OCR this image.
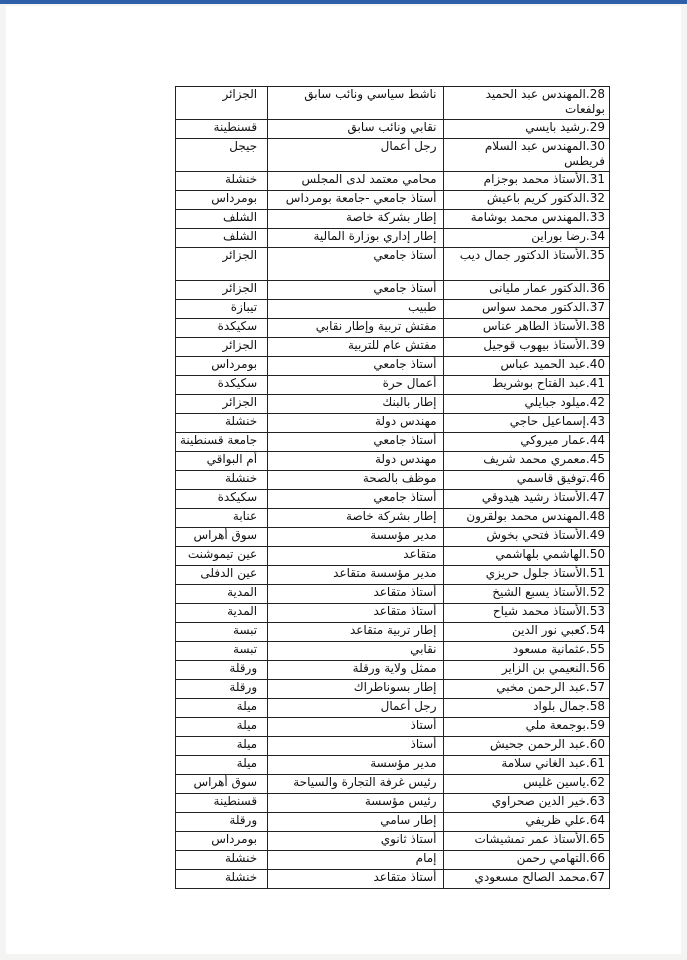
28.المهندس عبد الحميد بولفعات	ناشط سياسي ونائب سابق	الجزائر
29.رشيد بايسي	نقابي ونائب سابق	قسنطينة
30.المهندس عبد السلام فريطس	رجل أعمال	جيجل
31.الأستاذ محمد بوجزام	محامي معتمد لدى المجلس	خنشلة
32.الدكتور كريم باعيش	أستاذ جامعي -جامعة بومرداس	بومرداس
33.المهندس محمد بوشامة	إطار بشركة خاصة	الشلف
34.رضا بوراين	إطار إداري بوزارة المالية	الشلف
35.الأستاذ الدكتور جمال ديب	أستاذ جامعي	الجزائر
36.الدكتور عمار مليانى	أستاذ جامعي	الجزائر
37.الدكتور محمد سواس	طبيب	تيبازة
38.الأستاذ الطاهر عناس	مفتش تربية وإطار نقابي	سكيكدة
39.الأستاذ بيهوب قوجيل	مفتش عام للتربية	الجزائر
40.عبد الحميد عباس	أستاذ جامعي	بومرداس
41.عبد الفتاح بوشريط	أعمال حرة	سكيكدة
42.ميلود جبايلي	إطار بالبنك	الجزائر
43.إسماعيل حاجي	مهندس دولة	خنشلة
44.عمار ميروكي	أستاذ جامعي	جامعة قسنطينة
45.معمري محمد شريف	مهندس دولة	أم البواقي
46.توفيق قاسمي	موظف بالصحة	خنشلة
47.الأستاذ رشيد هيدوقي	أستاذ جامعي	سكيكدة
48.المهندس محمد بولقرون	إطار بشركة خاصة	عنابة
49.الأستاذ فتحي بخوش	مدير مؤسسة	سوق أهراس
50.الهاشمي بلهاشمي	متقاعد	عين تيموشنت
51.الأستاذ جلول حريزي	مدير مؤسسة متقاعد	عين الدفلى
52.الأستاذ يسبع الشيخ	أستاذ متقاعد	المدية
53.الأستاذ محمد شياح	أستاذ متقاعد	المدية
54.كعبي نور الدين	إطار تربية متقاعد	تبسة
55.عثمانية مسعود	نقابي	تبسة
56.النعيمي بن الزاير	ممثل ولاية ورقلة	ورقلة
57.عبد الرحمن مخبي	إطار بسوناطراك	ورقلة
58.جمال بلواد	رجل أعمال	ميلة
59.بوجمعة ملي	أستاذ	ميلة
60.عبد الرحمن جحيش	أستاذ	ميلة
61.عبد الغاني سلامة	مدير مؤسسة	ميلة
62.ياسين غليس	رئيس غرفة التجارة والسياحة	سوق أهراس
63.خير الدين صحراوي	رئيس مؤسسة	قسنطينة
64.علي ظريفي	إطار سامي	ورقلة
65.الأستاذ عمر تمشيشات	أستاذ ثانوي	بومرداس
66.التهامي رحمن	إمام	خنشلة
67.محمد الصالح مسعودي	أستاذ متقاعد	خنشلة
